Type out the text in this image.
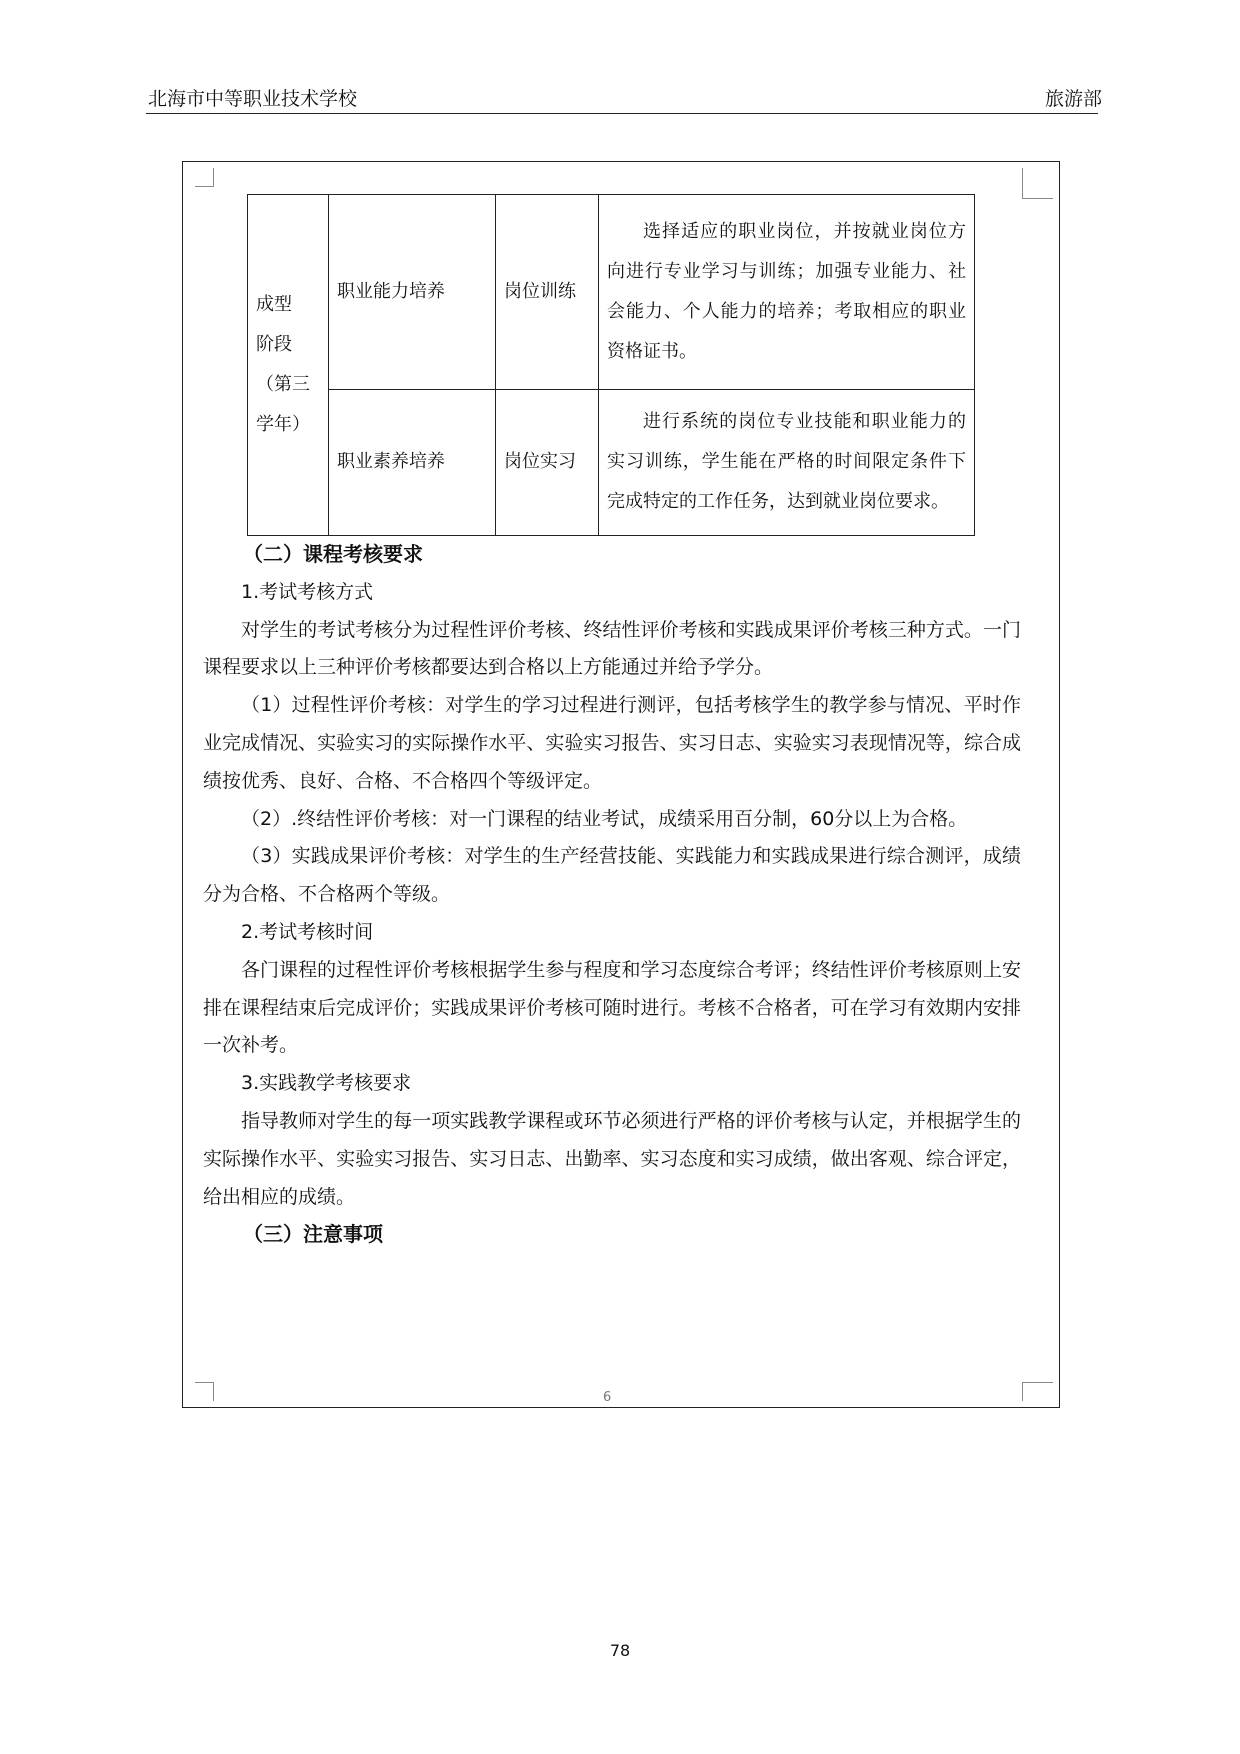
北海市中等职业技术学校	旅游部
成型
阶段
（第三
学年）	职业能力培养	岗位训练	选择适应的职业岗位，并按就业岗位方向进行专业学习与训练；加强专业能力、社会能力、个人能力的培养；考取相应的职业资格证书。
	职业素养培养	岗位实习	进行系统的岗位专业技能和职业能力的实习训练，学生能在严格的时间限定条件下完成特定的工作任务，达到就业岗位要求。

（二）课程考核要求

1.考试考核方式

对学生的考试考核分为过程性评价考核、终结性评价考核和实践成果评价考核三种方式。一门课程要求以上三种评价考核都要达到合格以上方能通过并给予学分。

（1）过程性评价考核：对学生的学习过程进行测评，包括考核学生的教学参与情况、平时作业完成情况、实验实习的实际操作水平、实验实习报告、实习日志、实验实习表现情况等，综合成绩按优秀、良好、合格、不合格四个等级评定。

（2）.终结性评价考核：对一门课程的结业考试，成绩采用百分制，60分以上为合格。

（3）实践成果评价考核：对学生的生产经营技能、实践能力和实践成果进行综合测评，成绩分为合格、不合格两个等级。

2.考试考核时间

各门课程的过程性评价考核根据学生参与程度和学习态度综合考评；终结性评价考核原则上安排在课程结束后完成评价；实践成果评价考核可随时进行。考核不合格者，可在学习有效期内安排一次补考。

3.实践教学考核要求

指导教师对学生的每一项实践教学课程或环节必须进行严格的评价考核与认定，并根据学生的实际操作水平、实验实习报告、实习日志、出勤率、实习态度和实习成绩，做出客观、综合评定，给出相应的成绩。

（三）注意事项

6
78
